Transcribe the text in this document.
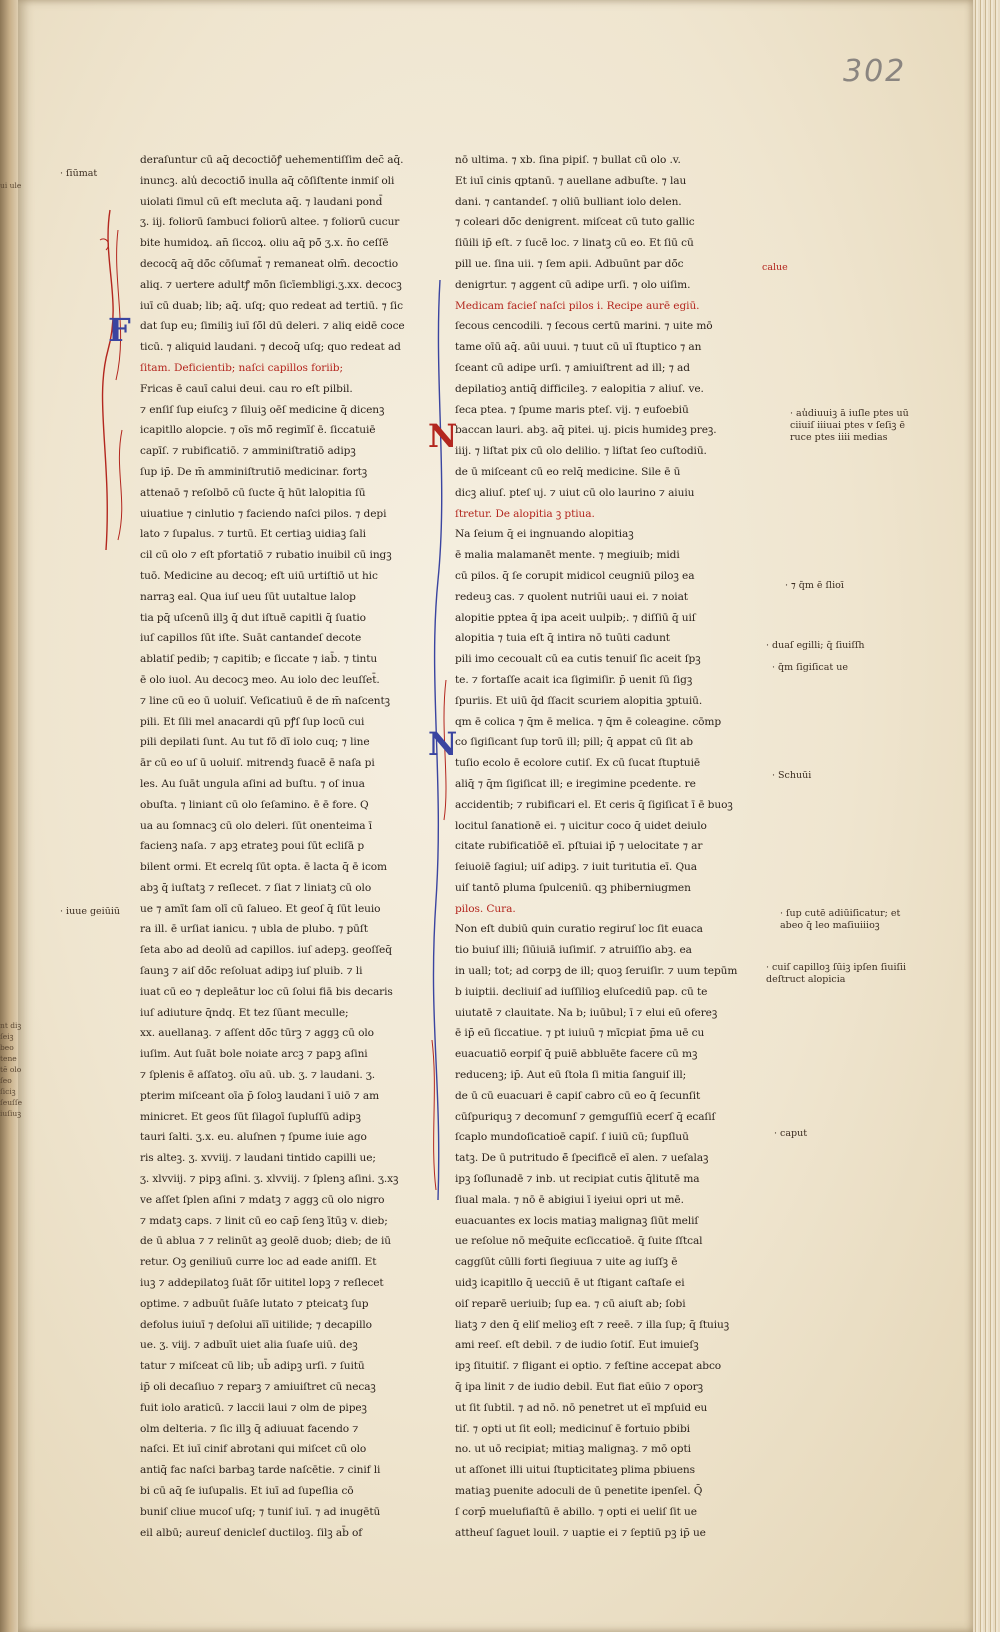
ui ule
nt diꝫ ſeiꝫ beo tene tē olo ſeo ſiciꝫ ſeuſſe iuſiuꝫ
302
F
N
N
deraſuntur cū aq̄ decoctiōꝭ uehementiſſim dec̄ aq̄.
inuncꝫ. alu̾ decoctiō̄ inulla aq̄ cōſiſtente inmiſ oli
uiolati ſimul cū eſt mecluta aq̄. ⁊ laudani pond̄
ʒ. iij. foliorū ſambuci foliorū altee. ⁊ foliorū cucur
bite humidoꝝ. an̄ ſiccoꝝ. oliu aq̄ pō̄ ʒ.x. n̄o ceſſē
decocq̄ aq̄ dō̄c cōſumat̄ ⁊ remaneat olm̄. decoctio
aliq. ⁊ uertere adultꝭ mō̄n ſicīembligi.ʒ.xx. decocꝫ
iuī cū duab; lib; aq̄. uſq; quo redeat ad tertiū. ⁊ ſic
dat ſup eu; ſimiliꝫ iuī ſō̄l dū deleri. ⁊ aliq eidē coce
ticū. ⁊ aliquid laudani. ⁊ decoq̄ uſq; quo redeat ad
ſitam. Deficientib; naſci capillos foriib;
Fricas ē cauī calui deui. cau ro eſt pilbil.
⁊ enſiſ ſup eiuſcꝫ ⁊ ſiluiꝫ oēſ medicine q̄ dicenꝫ
icapitllo alopcie. ⁊ oīs mō̄ regimīſ ē. ſiccatuiē
capīſ. ⁊ rubificatiō. ⁊ amminiſtratiō adipꝫ
ſup ip̄. De m̄ amminiſtrutiō medicinar. fortꝫ
attenaō ⁊ reſolbō cū ſucte q̄ hūt lalopitia ſū
uiuatiue ⁊ cinlutio ⁊ faciendo naſci pilos. ⁊ depi
lato ⁊ ſupalus. ⁊ turtū. Et certiaꝫ uidiaꝫ ſali
cil cū olo ⁊ eſt pfortatiō ⁊ rubatio inuibil cū ingꝫ
tuō. Medicine au decoq; eſt uiū urtiſtiō ut hic
narraꝫ eal. Qua iuſ ueu ſūt uutaltue lalop
tia pq̄ uſcenū illꝫ q̄ dut iſtuē capitli q̄ ſuatio
iuſ capillos ſūt iſte. Suāt cantandeſ decote
ablatiſ pedib; ⁊ capitib; e ſiccate ⁊ iab̄. ⁊ tintu
ē olo iuol. Au decocꝫ meo. Au iolo dec leuſſet̄.
⁊ line cū eo ū uoluiſ. Veſicatiuū ē de m̄ naſcentꝫ
pili. Et ſili mel anacardi qū pꝭſ ſup locū cui
pili depilati ſunt. Au tut fō dī iolo cuq; ⁊ line
ār cū eo uſ ū uoluiſ. mitrendꝫ fuacē ē naſa pi
les. Au ſuāt ungula aſini ad buſtu. ⁊ oſ inua
obuſta. ⁊ liniant cū olo ſeſamino. ē ē fore. Q
ua au ſomnacꝫ cū olo deleri. ſūt onenteima ī
facienꝫ naſa. ⁊ apꝫ etrateꝫ poui ſūt ecliſā p
bilent ormi. Et ecrelq ſūt opta. ē lacta q̄ ē icom
abꝫ q̄ iuſtatꝫ ⁊ reſlecet. ⁊ ſiat ⁊ liniatꝫ cū olo
ue ⁊ amīt ſam olī cū ſalueo. Et geoſ q̄ ſūt leuio
ra ill. ē urſiat ianicu. ⁊ ubla de plubo. ⁊ pūſt
ſeta abo ad deolū ad capillos. iuſ adepꝫ. geoſſeq̄
ſaunꝫ ⁊ aiſ dō̄c reſoluat adipꝫ iuſ pluib. ⁊ li
iuat cū eo ⁊ depleātur loc cū ſolui fiā bis decaris
iuſ adiuture q̄ndq. Et tez ſūant meculle;
xx. auellanaꝫ. ⁊ aſſent dō̄c tūrꝫ ⁊ aggꝫ cū olo
iuſim. Aut ſuāt bole noiate arcꝫ ⁊ papꝫ aſini
⁊ ſplenis ē aſſatoꝫ. oīu aū. ub. ʒ. ⁊ laudani. ʒ.
pterim miſceant oīa p̄ ſoloꝫ laudani ī uiō ⁊ am
minicret. Et geos ſūt ſilagoī ſupluſſū adipꝫ
tauri ſalti. ʒ.x. eu. aluſnen ⁊ ſpume iuie ago
ris alteꝫ. ʒ. xvviij. ⁊ laudani tintido capilli ue;
ʒ. xlvviij. ⁊ pipꝫ aſini. ʒ. xlvviij. ⁊ ſplenꝫ aſini. ʒ.xꝫ
ve aſſet ſplen aſini ⁊ mdatꝫ ⁊ aggꝫ cū olo nigro
⁊ mdatꝫ caps. ⁊ linit cū eo cap̄ ſenꝫ ītūꝫ v. dieb;
de ū ablua ⁊ ⁊ relinūt aꝫ geolē duob; dieb; de iū
retur. Oꝫ geniliuū curre loc ad eade aniſſl. Et
iuꝫ ⁊ addepilatoꝫ ſuāt ſō̄r uititel lopꝫ ⁊ reſlecet
optime. ⁊ adbuūt ſuāſe lutato ⁊ pteicatꝫ ſup
defolus iuiuī ⁊ deſolui aīī uitilide; ⁊ decapillo
ue. ʒ. viij. ⁊ adbuīt uiet alia ſuaſe uiū. deꝫ
tatur ⁊ miſceat cū lib; ub̄ adipꝫ urſi. ⁊ ſuitū
ip̄ oli decaſiuo ⁊ reparꝫ ⁊ amiuiſtret cū necaꝫ
fuit iolo araticū. ⁊ laccii laui ⁊ olm de pipeꝫ
olm delteria. ⁊ ſic illꝫ q̄ adiuuat facendo ⁊
naſci. Et iuī cinif abrotani qui miſcet cū olo
antiq̄ fac naſci barbaꝫ tarde naſcētie. ⁊ cinif li
bi cū aq̄ ſe iuſupalis. Et iuī ad ſupeſlia cō
buniſ cliue mucoſ uſq; ⁊ tuniſ iuī. ⁊ ad inugētū
eil albū; aureuſ denicleſ ductiloꝫ. ſilꝫ ab̄ of
nō ultima. ⁊ xb. ſina pipiſ. ⁊ bullat cū olo .v.
Et iuī cinis qptanū. ⁊ auellane adbuſte. ⁊ lau
dani. ⁊ cantandeſ. ⁊ oliū bulliant iolo delen.
⁊ coleari dō̄c denigrent. miſceat cū tuto gallic
ſiūili ip̄ eſt. ⁊ ſucē loc. ⁊ linatꝫ cū eo. Et ſiū cū
pill ue. ſina uii. ⁊ ſem apii. Adbuūnt par dō̄c
denigrtur. ⁊ aggent cū adipe urſi. ⁊ olo uiſim.
Medicam facieſ naſci pilos i. Recipe aurē egiū.
ſecous cencodili. ⁊ ſecous certū marini. ⁊ uite mō
tame oīū aq̄. aūi uuui. ⁊ tuut cū uī ſtuptico ⁊ an
ſceant cū adipe urſi. ⁊ amiuiſtrent ad ill; ⁊ ad
depilatioꝫ antiq̄ difficileꝫ. ⁊ ealopitia ⁊ aliuſ. ve.
ſeca ptea. ⁊ ſpume maris pteſ. vij. ⁊ eufoebiū
baccan lauri. abꝫ. aq̄ pitei. uj. picis humideꝫ preꝫ.
iiij. ⁊ liſtat pix cū olo delilio. ⁊ liſtat ſeo cuſtodiū.
de ū miſceant cū eo relq̄ medicine. Sile ē ū
dicꝫ aliuſ. pteſ uj. ⁊ uiut cū olo laurino ⁊ aiuiu
ſtretur. De alopitia ꝫ ptiua.
Na ſeium q̄ ei ingnuando alopitiaꝫ
ē malia malamanēt mente. ⁊ megiuib; midi
cū pilos. q̄ ſe corupit midicol ceugniū piloꝫ ea
redeuꝫ cas. ⁊ quolent nutriūi uaui ei. ⁊ noiat
alopitie pptea q̄ ipa aceit uulpib;. ⁊ diſſiū q̄ uiſ
alopitia ⁊ tuia eſt q̄ intira nō tuūti cadunt
pili imo cecoualt cū ea cutis tenuiſ ſic aceit ſpꝫ
te. ⁊ fortaſſe acait ica ſigimiſir. p̄ uenit ſū ſigꝫ
ſpuriis. Et uiū q̄d ſſacit scuriem alopitia ꝫptuiū.
qm ē colica ⁊ q̄m ē melica. ⁊ q̄m ē coleagine. cōmp
co ſigiſicant ſup torū ill; pill; q̄ appat cū ſit ab
tuſio ecolo ē ecolore cutiſ. Ex cū ſucat ſtuptuiē
aliq̄ ⁊ q̄m ſigiſicat ill; e iregimine pcedente. re
accidentib; ⁊ rubificari el. Et ceris q̄ ſigiſicat ī ē buoꝫ
locitul ſanationē ei. ⁊ uicitur coco q̄ uidet deiulo
citate rubificatiōē eī. pſtuiai ip̄ ⁊ uelocitate ⁊ ar
ſeiuoiē ſagiul; uiſ adipꝫ. ⁊ iuit turitutia eī. Qua
uiſ tantō pluma ſpulceniū. qꝫ phiberniugmen
pilos. Cura.
Non eſt dubiū quin curatio regiruſ loc ſit euaca
tio buiuſ illi; ſiūiuiā iuſimiſ. ⁊ atruiſſio abꝫ. ea
in uall; tot; ad corpꝫ de ill; quoꝫ ſeruiſir. ⁊ uum tepūm
b iuiptii. decliuiſ ad iuſſilioꝫ eluſcediū pap. cū te
uiutatē ⁊ clauitate. Na b; iuūbul; ī ⁊ elui eū ofereꝫ
ē ip̄ eū ſiccatiue. ⁊ pt iuiuū ⁊ mīcpiat p̄ma uē cu
euacuatiō eorpiſ q̄ puiē abbluēte facere cū mꝫ
reducenꝫ; ip̄. Aut eū ſtola ſi mitia ſanguiſ ill;
de ū cū euacuari ē capiſ cabro cū eo q̄ ſecunſit
cūſpuriquꝫ ⁊ decomunſ ⁊ gemguſſiū ecerſ q̄ ecaſiſ
ſcaplo mundoſicatioē capiſ. ſ iuiū cū; ſupſluū
tatꝫ. De ū putritudo ē̄ ſpecificē eī alen. ⁊ ueſalaꝫ
ipꝫ ſoſlunadē ⁊ inb. ut recipiat cutis q̄litutē ma
ſiual mala. ⁊ nō ē abigiui ī iyeiui opri ut mē.
euacuantes ex locis matiaꝫ malignaꝫ ſiūt meliſ
ue reſolue nō meq̄uite ecſiccatioē. q̄ ſuite ſſtcal
caggſūt cūlli forti ſiegiuua ⁊ uite ag iuſſꝫ ē
uidꝫ icapitllo q̄ uecciū ē ut ſtigant caſtaſe ei
oiſ reparē ueriuib; ſup ea. ⁊ cū aiuſt ab; ſobi
liatꝫ ⁊ den q̄ eliſ melioꝫ eſt ⁊ reeē. ⁊ illa ſup; q̄ ſtuiuꝫ
ami reeſ. eſt debil. ⁊ de iudio ſotiſ. Eut imuieſꝫ
ipꝫ ſituitiſ. ⁊ fligant ei optio. ⁊ feſtine accepat abco
q̄ ipa linit ⁊ de iudio debil. Eut fiat eūio ⁊ oporꝫ
ut ſit ſubtil. ⁊ ad nō. nō penetret ut eī mpſuid eu
tiſ. ⁊ opti ut ſit eoll; medicinuſ ē fortuio pbibi
no. ut uō recipiat; mitiaꝫ malignaꝫ. ⁊ mō opti
ut aſſonet illi uitui ſtupticitateꝫ plima pbiuens
matiaꝫ puenite adoculi de ū penetite ipenſel. Q̄
ſ corp̄ muelufiaſtū ē abillo. ⁊ opti ei ueliſ ſit ue
attheuſ ſaguet louil. ⁊ uaptie ei ⁊ ſeptiū pꝫ ip̄ ue
· ſiūmat
· iuue geiūiū
calue
· au̾diuuiꝫ ā iuſle ptes uū ciiuiſ iiiuai ptes v ſeſiꝫ ē ruce ptes iiii medias
· ⁊ q̄m ē ſlioī
· q̄m ſigiſicat ue
· duaſ egilli; q̄ ſiuiſſh
· Schuūi
· ſup cutē adiūiſicatur; et abeo q̄ leo maſiuiiioꝫ
· cuiſ capilloꝫ ſūiꝫ ipſen ſiuiſii deſtruct alopicia
· caput
